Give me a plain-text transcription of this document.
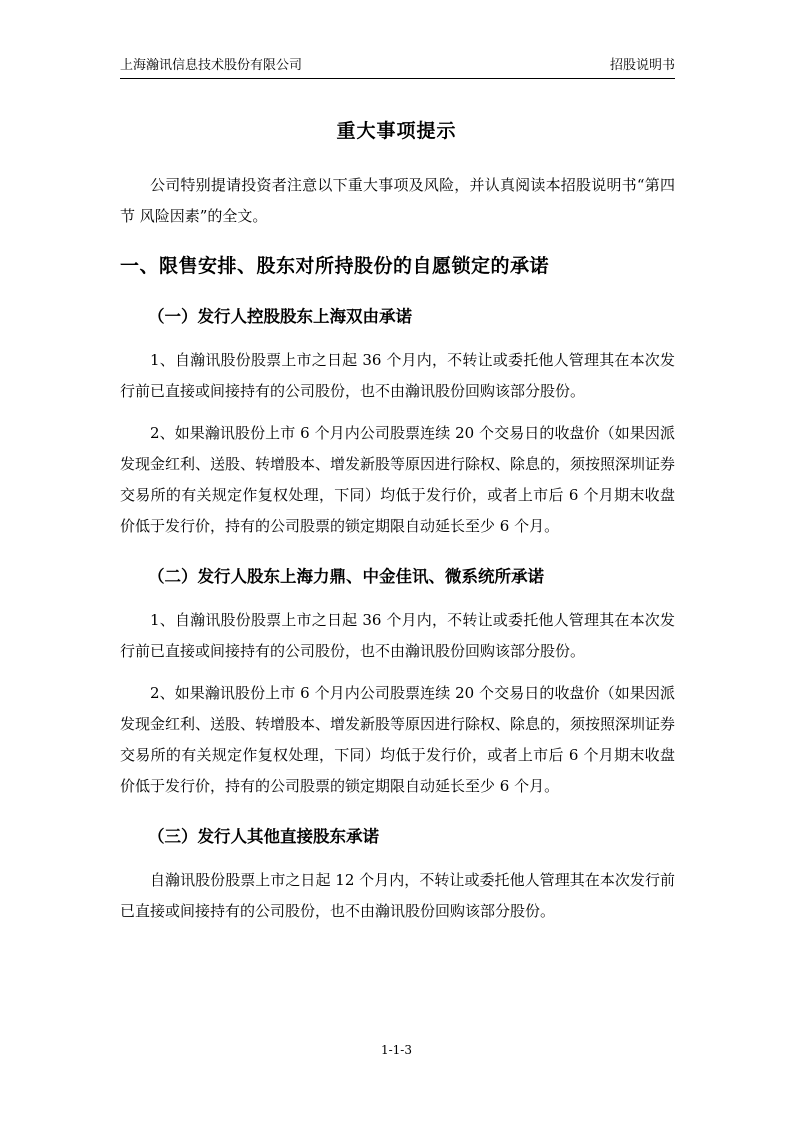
上海瀚讯信息技术股份有限公司	招股说明书
重大事项提示
公司特别提请投资者注意以下重大事项及风险，并认真阅读本招股说明书“第四节 风险因素”的全文。
一、限售安排、股东对所持股份的自愿锁定的承诺
（一）发行人控股股东上海双由承诺
1、自瀚讯股份股票上市之日起 36 个月内，不转让或委托他人管理其在本次发行前已直接或间接持有的公司股份，也不由瀚讯股份回购该部分股份。
2、如果瀚讯股份上市 6 个月内公司股票连续 20 个交易日的收盘价（如果因派发现金红利、送股、转增股本、增发新股等原因进行除权、除息的，须按照深圳证券交易所的有关规定作复权处理，下同）均低于发行价，或者上市后 6 个月期末收盘价低于发行价，持有的公司股票的锁定期限自动延长至少 6 个月。
（二）发行人股东上海力鼎、中金佳讯、微系统所承诺
1、自瀚讯股份股票上市之日起 36 个月内，不转让或委托他人管理其在本次发行前已直接或间接持有的公司股份，也不由瀚讯股份回购该部分股份。
2、如果瀚讯股份上市 6 个月内公司股票连续 20 个交易日的收盘价（如果因派发现金红利、送股、转增股本、增发新股等原因进行除权、除息的，须按照深圳证券交易所的有关规定作复权处理，下同）均低于发行价，或者上市后 6 个月期末收盘价低于发行价，持有的公司股票的锁定期限自动延长至少 6 个月。
（三）发行人其他直接股东承诺
自瀚讯股份股票上市之日起 12 个月内，不转让或委托他人管理其在本次发行前已直接或间接持有的公司股份，也不由瀚讯股份回购该部分股份。
1-1-3
